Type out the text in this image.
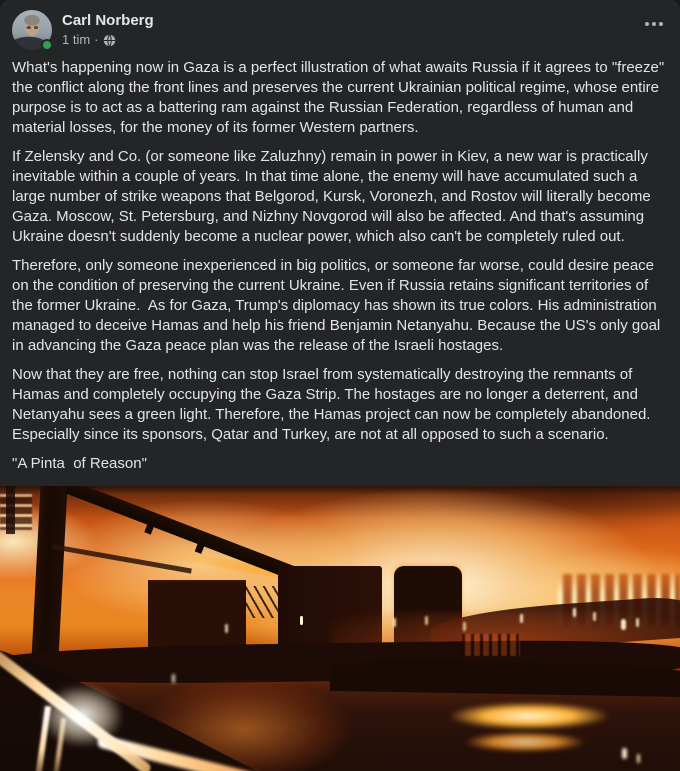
Carl Norberg
1 tim ·

What's happening now in Gaza is a perfect illustration of what awaits Russia if it agrees to "freeze" the conflict along the front lines and preserves the current Ukrainian political regime, whose entire purpose is to act as a battering ram against the Russian Federation, regardless of human and material losses, for the money of its former Western partners.

If Zelensky and Co. (or someone like Zaluzhny) remain in power in Kiev, a new war is practically inevitable within a couple of years. In that time alone, the enemy will have accumulated such a large number of strike weapons that Belgorod, Kursk, Voronezh, and Rostov will literally become Gaza. Moscow, St. Petersburg, and Nizhny Novgorod will also be affected. And that's assuming Ukraine doesn't suddenly become a nuclear power, which also can't be completely ruled out.

Therefore, only someone inexperienced in big politics, or someone far worse, could desire peace on the condition of preserving the current Ukraine. Even if Russia retains significant territories of the former Ukraine.  As for Gaza, Trump's diplomacy has shown its true colors. His administration managed to deceive Hamas and help his friend Benjamin Netanyahu. Because the US's only goal in advancing the Gaza peace plan was the release of the Israeli hostages.

Now that they are free, nothing can stop Israel from systematically destroying the remnants of Hamas and completely occupying the Gaza Strip. The hostages are no longer a deterrent, and Netanyahu sees a green light. Therefore, the Hamas project can now be completely abandoned. Especially since its sponsors, Qatar and Turkey, are not at all opposed to such a scenario.

"A Pinta  of Reason"
